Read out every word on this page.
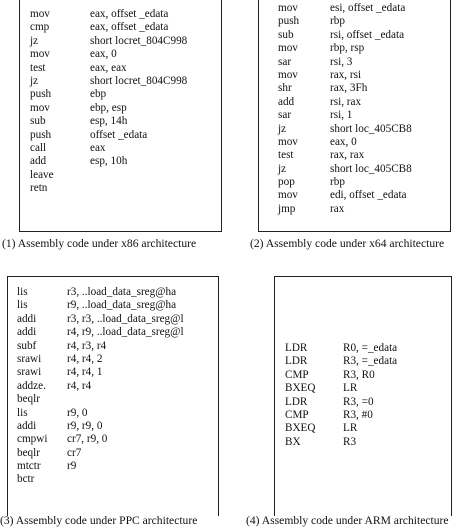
mov	eax, offset _edata
cmp	eax, offset _edata
jz	short locret_804C998
mov	eax, 0
test	eax, eax
jz	short locret_804C998
push	ebp
mov	ebp, esp
sub	esp, 14h
push	offset _edata
call	eax
add	esp, 10h
leave
retn
(1) Assembly code under x86 architecture
mov	esi, offset _edata
push	rbp
sub	rsi, offset _edata
mov	rbp, rsp
sar	rsi, 3
mov	rax, rsi
shr	rax, 3Fh
add	rsi, rax
sar	rsi, 1
jz	short loc_405CB8
mov	eax, 0
test	rax, rax
jz	short loc_405CB8
pop	rbp
mov	edi, offset _edata
jmp	rax
(2) Assembly code under x64 architecture
lis	r3, ..load_data_sreg@ha
lis	r9, ..load_data_sreg@ha
addi	r3, r3, ..load_data_sreg@l
addi	r4, r9, ..load_data_sreg@l
subf	r4, r3, r4
srawi r4, r4, 2
srawi r4, r4, 1
addze. r4, r4
beqlr
lis	r9, 0
addi	r9, r9, 0
cmpwi cr7, r9, 0
beqlr cr7
mtctr r9
bctr
(3) Assembly code under PPC architecture
LDR	R0, =_edata
LDR	R3, =_edata
CMP	R3, R0
BXEQ LR
LDR	R3, =0
CMP	R3, #0
BXEQ LR
BX	R3
(4) Assembly code under ARM architecture
